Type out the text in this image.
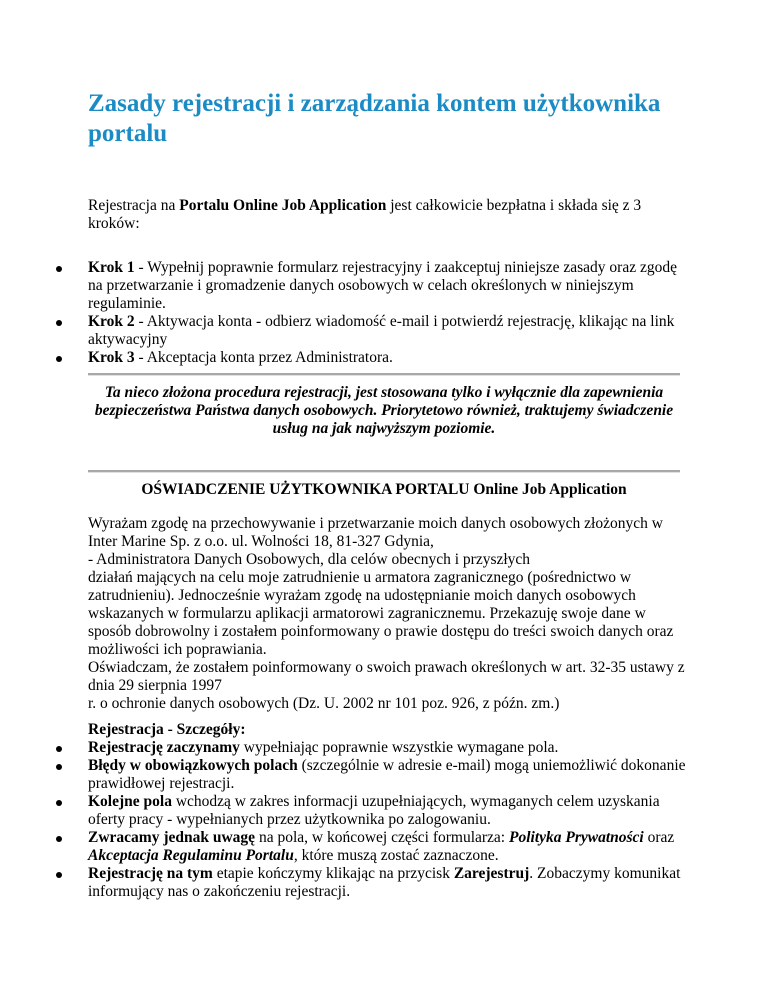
Zasady rejestracji i zarządzania kontem użytkownika portalu

Rejestracja na Portalu Online Job Application jest całkowicie bezpłatna i składa się z 3 kroków:

Krok 1 - Wypełnij poprawnie formularz rejestracyjny i zaakceptuj niniejsze zasady oraz zgodę na przetwarzanie i gromadzenie danych osobowych w celach określonych w niniejszym regulaminie.
Krok 2 - Aktywacja konta - odbierz wiadomość e-mail i potwierdź rejestrację, klikając na link aktywacyjny
Krok 3 - Akceptacja konta przez Administratora.

Ta nieco złożona procedura rejestracji, jest stosowana tylko i wyłącznie dla zapewnienia bezpieczeństwa Państwa danych osobowych. Priorytetowo również, traktujemy świadczenie usług na jak najwyższym poziomie.

OŚWIADCZENIE UŻYTKOWNIKA PORTALU Online Job Application

Wyrażam zgodę na przechowywanie i przetwarzanie moich danych osobowych złożonych w Inter Marine Sp. z o.o. ul. Wolności 18, 81-327 Gdynia,
- Administratora Danych Osobowych, dla celów obecnych i przyszłych
działań mających na celu moje zatrudnienie u armatora zagranicznego (pośrednictwo w zatrudnieniu). Jednocześnie wyrażam zgodę na udostępnianie moich danych osobowych wskazanych w formularzu aplikacji armatorowi zagranicznemu. Przekazuję swoje dane w sposób dobrowolny i zostałem poinformowany o prawie dostępu do treści swoich danych oraz możliwości ich poprawiania.
Oświadczam, że zostałem poinformowany o swoich prawach określonych w art. 32-35 ustawy z dnia 29 sierpnia 1997
r. o ochronie danych osobowych (Dz. U. 2002 nr 101 poz. 926, z późn. zm.)

Rejestracja - Szczegóły:

Rejestrację zaczynamy wypełniając poprawnie wszystkie wymagane pola.
Błędy w obowiązkowych polach (szczególnie w adresie e-mail) mogą uniemożliwić dokonanie prawidłowej rejestracji.
Kolejne pola wchodzą w zakres informacji uzupełniających, wymaganych celem uzyskania oferty pracy - wypełnianych przez użytkownika po zalogowaniu.
Zwracamy jednak uwagę na pola, w końcowej części formularza: Polityka Prywatności oraz Akceptacja Regulaminu Portalu, które muszą zostać zaznaczone.
Rejestrację na tym etapie kończymy klikając na przycisk Zarejestruj. Zobaczymy komunikat informujący nas o zakończeniu rejestracji.
